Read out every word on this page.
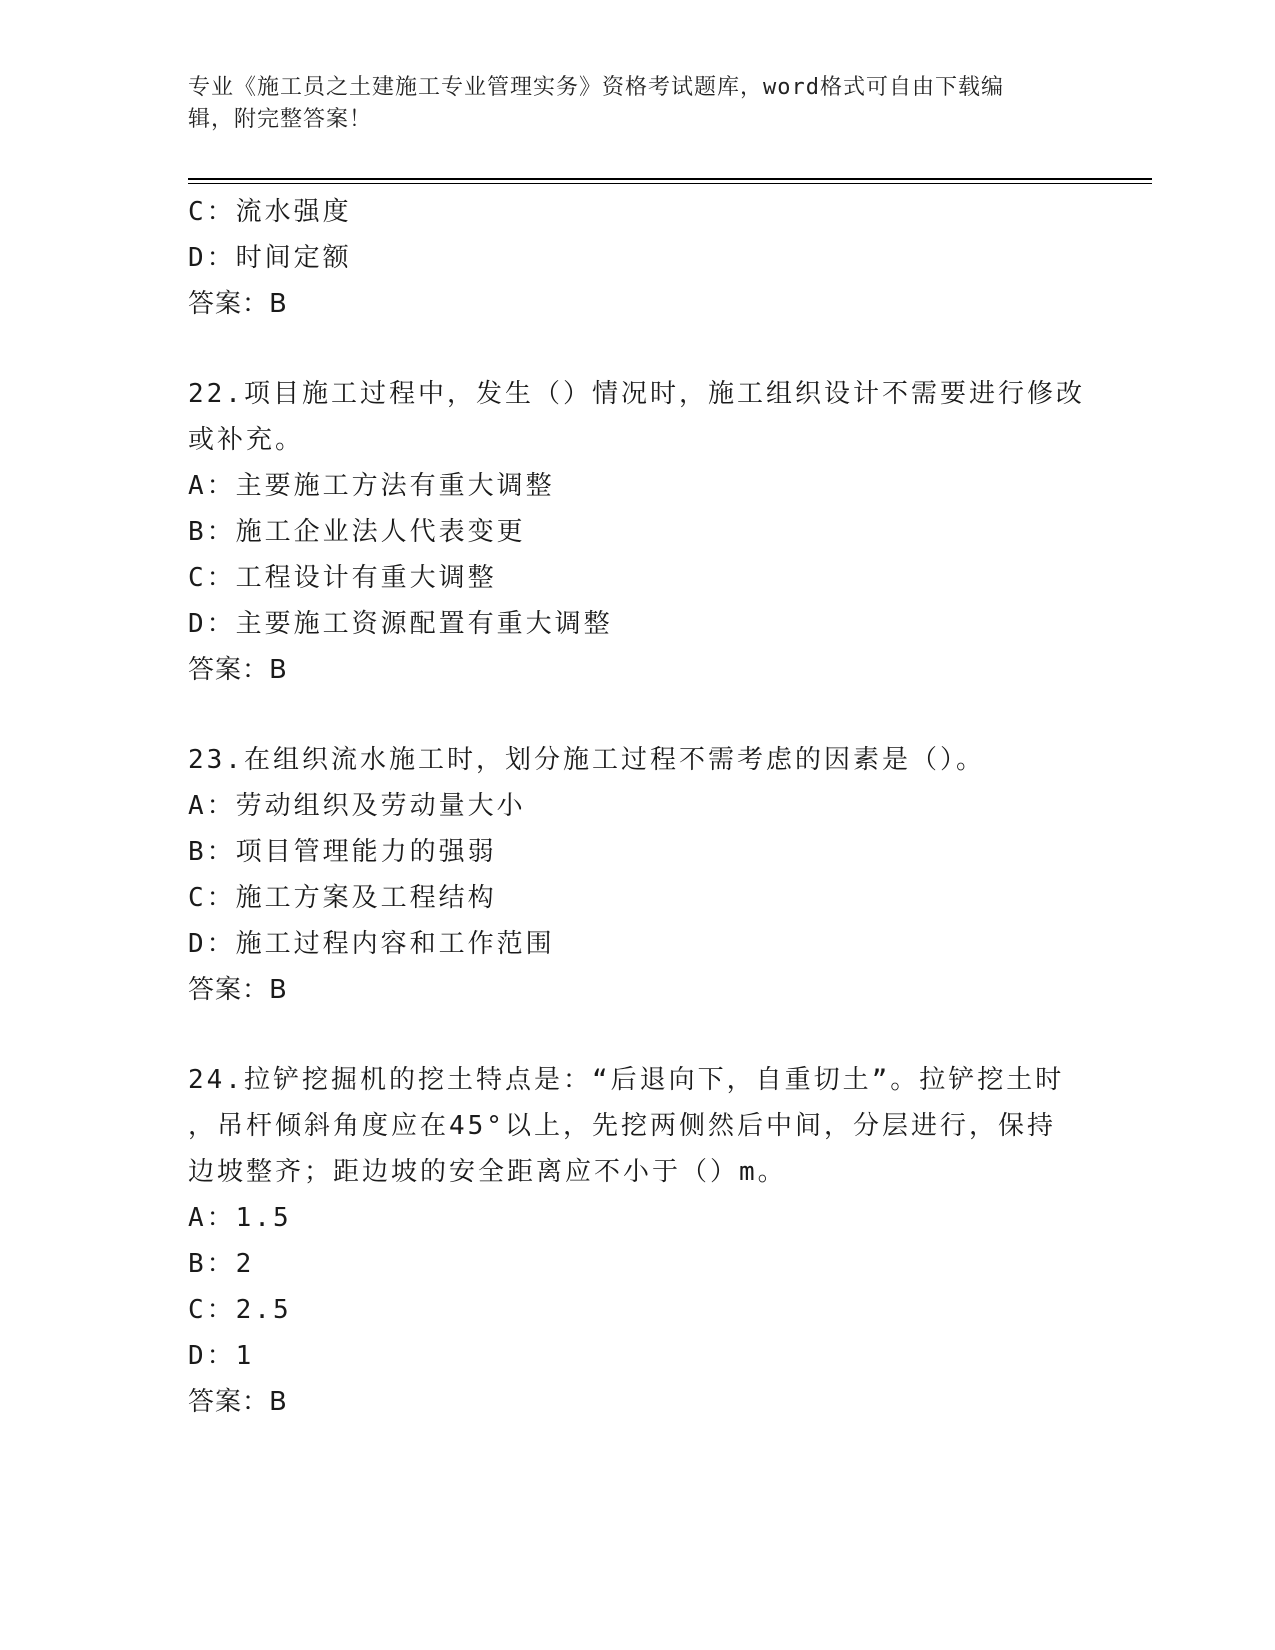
专业《施工员之土建施工专业管理实务》资格考试题库，word格式可自由下载编
辑，附完整答案！
C：流水强度
D：时间定额
答案：B
22.项目施工过程中，发生（）情况时，施工组织设计不需要进行修改
或补充。
A：主要施工方法有重大调整
B：施工企业法人代表变更
C：工程设计有重大调整
D：主要施工资源配置有重大调整
答案：B
23.在组织流水施工时，划分施工过程不需考虑的因素是（）。
A：劳动组织及劳动量大小
B：项目管理能力的强弱
C：施工方案及工程结构
D：施工过程内容和工作范围
答案：B
24.拉铲挖掘机的挖土特点是：“后退向下，自重切土”。拉铲挖土时
，吊杆倾斜角度应在45°以上，先挖两侧然后中间，分层进行，保持
边坡整齐；距边坡的安全距离应不小于（）m。
A：1.5
B：2
C：2.5
D：1
答案：B
